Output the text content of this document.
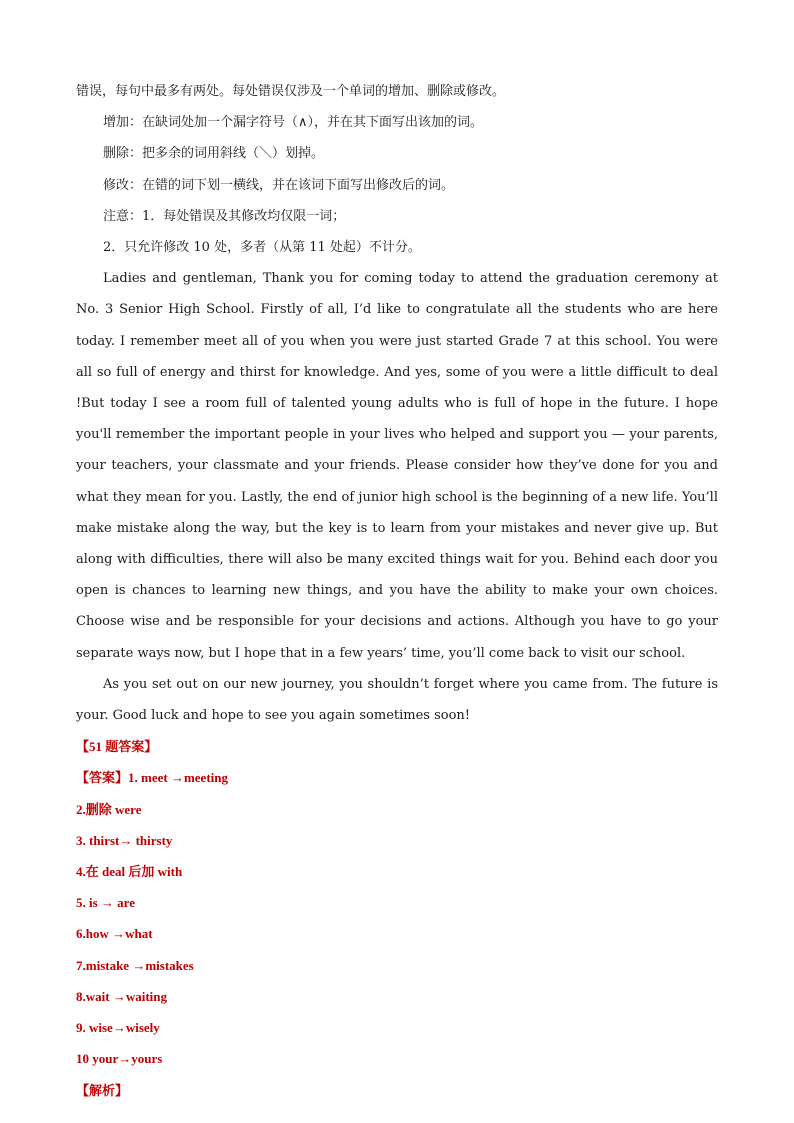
错误，每句中最多有两处。每处错误仅涉及一个单词的增加、删除或修改。
增加：在缺词处加一个漏字符号（∧），并在其下面写出该加的词。
删除：把多余的词用斜线（＼）划掉。
修改：在错的词下划一横线，并在该词下面写出修改后的词。
注意：1．每处错误及其修改均仅限一词；
2．只允许修改 10 处，多者（从第 11 处起）不计分。

Ladies and gentleman, Thank you for coming today to attend the graduation ceremony at No. 3 Senior High School. Firstly of all, I’d like to congratulate all the students who are here today. I remember meet all of you when you were just started Grade 7 at this school. You were all so full of energy and thirst for knowledge. And yes, some of you were a little difficult to deal !But today I see a room full of talented young adults who is full of hope in the future. I hope you'll remember the important people in your lives who helped and support you — your parents, your teachers, your classmate and your friends. Please consider how they’ve done for you and what they mean for you. Lastly, the end of junior high school is the beginning of a new life. You’ll make mistake along the way, but the key is to learn from your mistakes and never give up. But along with difficulties, there will also be many excited things wait for you. Behind each door you open is chances to learning new things, and you have the ability to make your own choices. Choose wise and be responsible for your decisions and actions. Although you have to go your separate ways now, but I hope that in a few years’ time, you’ll come back to visit our school.

As you set out on our new journey, you shouldn’t forget where you came from. The future is your. Good luck and hope to see you again sometimes soon!

【51 题答案】
【答案】1. meet →meeting
2.删除 were
3. thirst→ thirsty
4.在 deal 后加 with
5. is → are
6.how →what
7.mistake →mistakes
8.wait →waiting
9. wise→wisely
10 your→yours
【解析】
